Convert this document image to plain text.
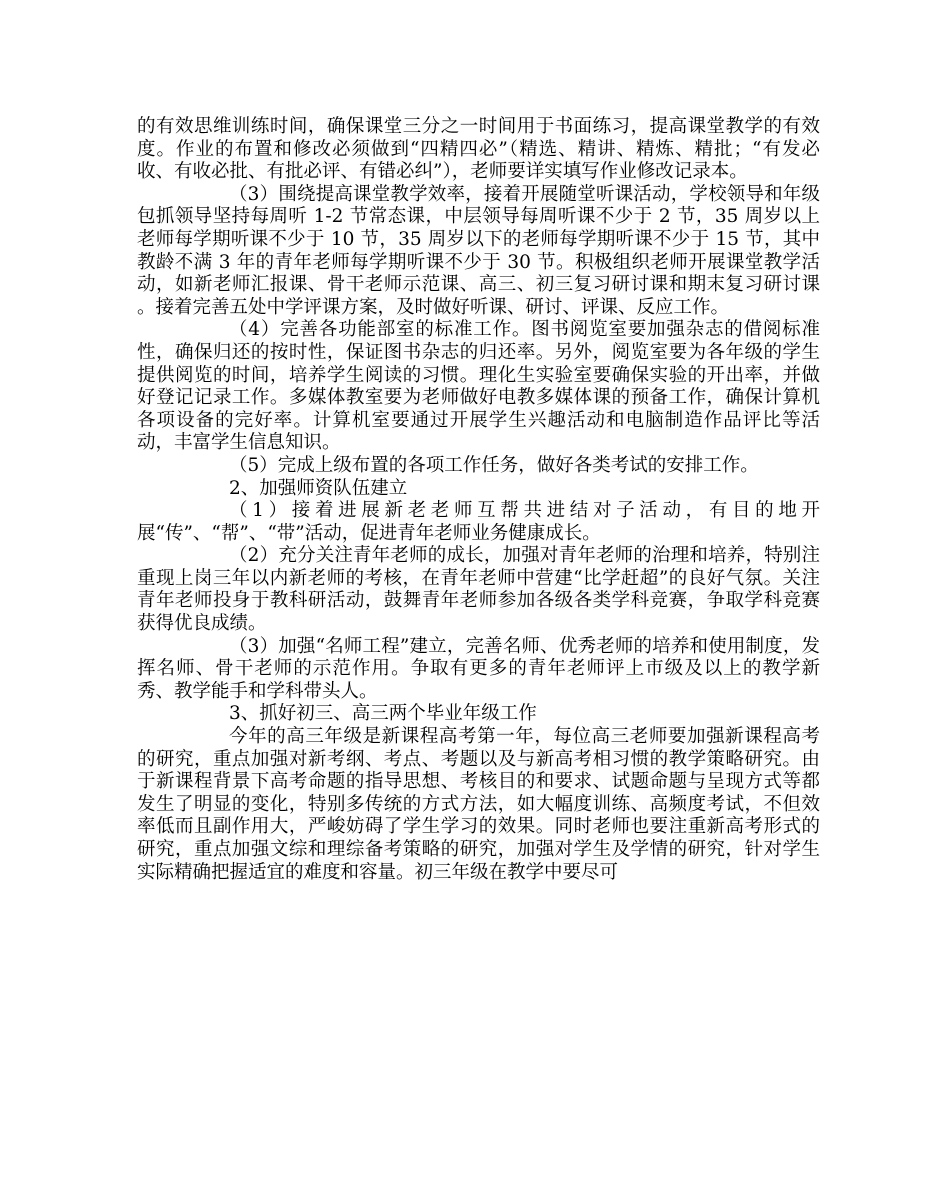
的有效思维训练时间，确保课堂三分之一时间用于书面练习，提高课堂教学的有效度。作业的布置和修改必须做到“四精四必”（精选、精讲、精炼、精批；“有发必收、有收必批、有批必评、有错必纠”），老师要详实填写作业修改记录本。

（3）围绕提高课堂教学效率，接着开展随堂听课活动，学校领导和年级包抓领导坚持每周听 1-2 节常态课，中层领导每周听课不少于 2 节，35 周岁以上老师每学期听课不少于 10 节，35 周岁以下的老师每学期听课不少于 15 节，其中教龄不满 3 年的青年老师每学期听课不少于 30 节。积极组织老师开展课堂教学活动，如新老师汇报课、骨干老师示范课、高三、初三复习研讨课和期末复习研讨课 。接着完善五处中学评课方案，及时做好听课、研讨、评课、反应工作。

（4）完善各功能部室的标准工作。图书阅览室要加强杂志的借阅标准性，确保归还的按时性，保证图书杂志的归还率。另外，阅览室要为各年级的学生提供阅览的时间，培养学生阅读的习惯。理化生实验室要确保实验的开出率，并做好登记记录工作。多媒体教室要为老师做好电教多媒体课的预备工作，确保计算机各项设备的完好率。计算机室要通过开展学生兴趣活动和电脑制造作品评比等活动，丰富学生信息知识。

（5）完成上级布置的各项工作任务，做好各类考试的安排工作。

2、加强师资队伍建立

（1）接着进展新老老师互帮共进结对子活动，有目的地开展“传”、“帮”、“带”活动，促进青年老师业务健康成长。

（2）充分关注青年老师的成长，加强对青年老师的治理和培养，特别注重现上岗三年以内新老师的考核，在青年老师中营建“比学赶超”的良好气氛。关注青年老师投身于教科研活动，鼓舞青年老师参加各级各类学科竞赛，争取学科竞赛获得优良成绩。

（3）加强“名师工程”建立，完善名师、优秀老师的培养和使用制度，发挥名师、骨干老师的示范作用。争取有更多的青年老师评上市级及以上的教学新秀、教学能手和学科带头人。

3、抓好初三、高三两个毕业年级工作

今年的高三年级是新课程高考第一年，每位高三老师要加强新课程高考的研究，重点加强对新考纲、考点、考题以及与新高考相习惯的教学策略研究。由于新课程背景下高考命题的指导思想、考核目的和要求、试题命题与呈现方式等都发生了明显的变化，特别多传统的方式方法，如大幅度训练、高频度考试，不但效率低而且副作用大，严峻妨碍了学生学习的效果。同时老师也要注重新高考形式的研究，重点加强文综和理综备考策略的研究，加强对学生及学情的研究，针对学生实际精确把握适宜的难度和容量。初三年级在教学中要尽可
